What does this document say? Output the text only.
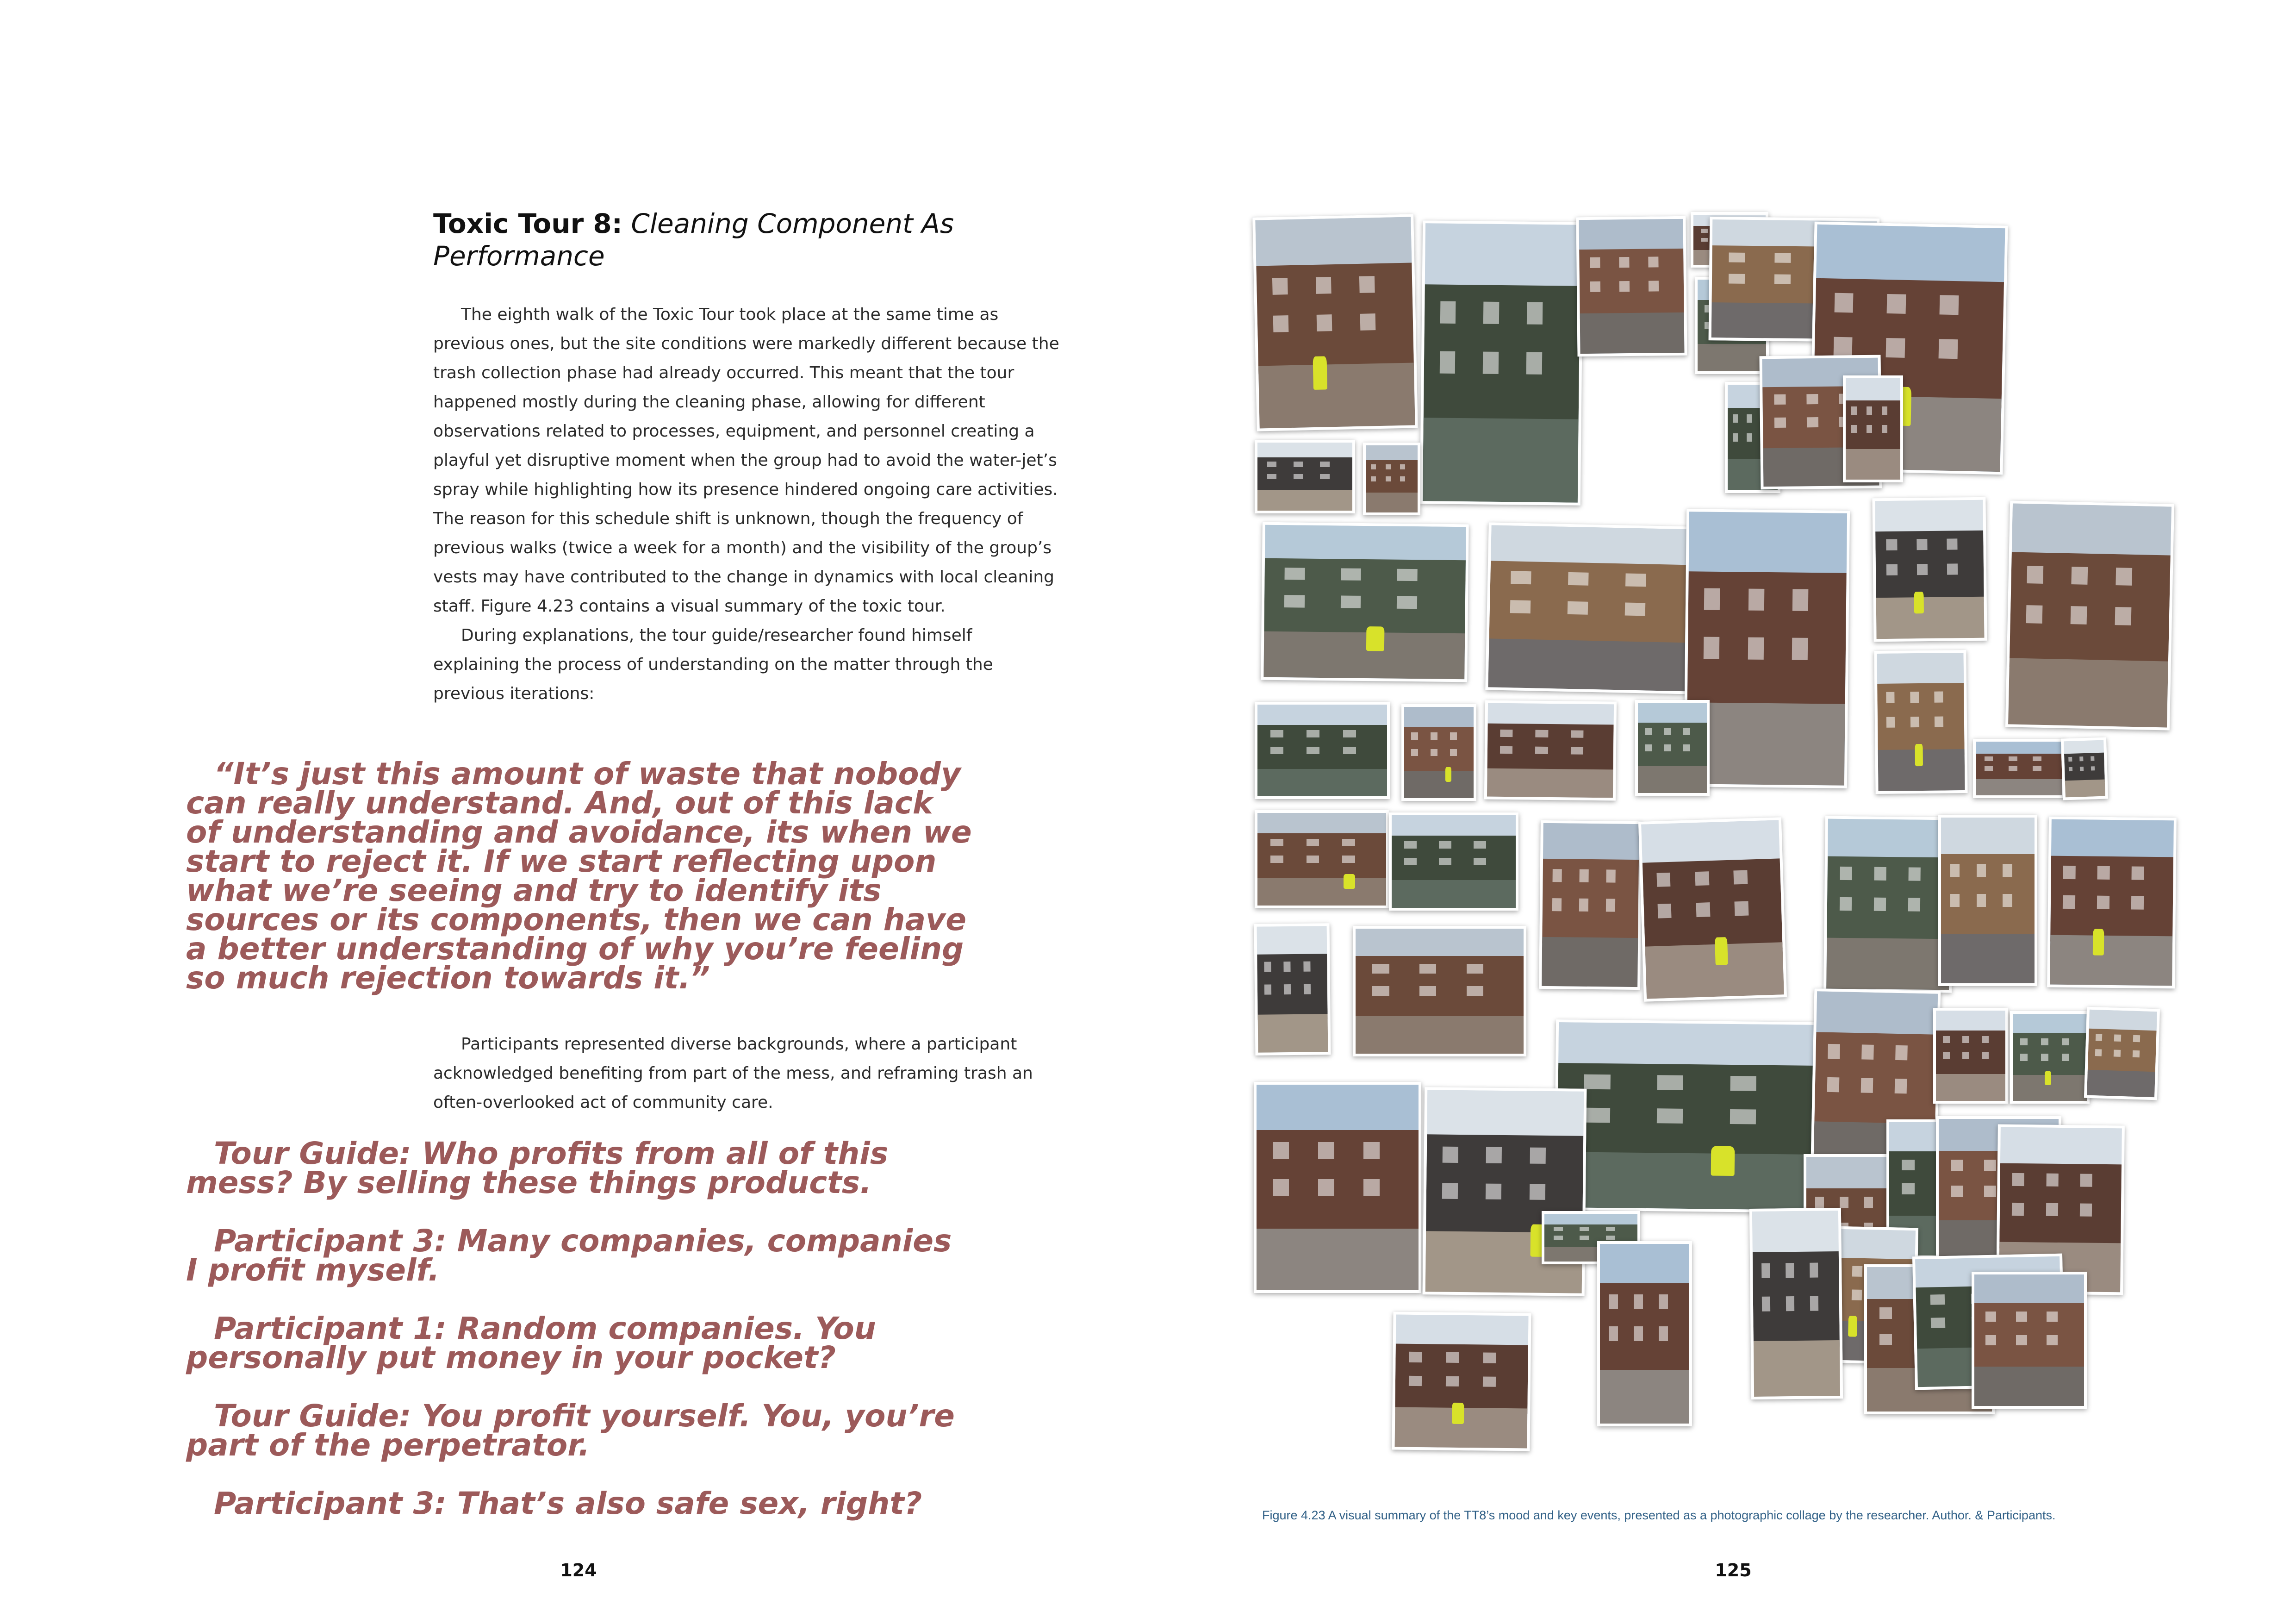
Toxic Tour 8: Cleaning Component As
Performance

The eighth walk of the Toxic Tour took place at the same time as previous ones, but the site conditions were markedly different because the trash collection phase had already occurred. This meant that the tour happened mostly during the cleaning phase, allowing for different observations related to processes, equipment, and personnel creating a playful yet disruptive moment when the group had to avoid the water-jet’s spray while highlighting how its presence hindered ongoing care activities. The reason for this schedule shift is unknown, though the frequency of previous walks (twice a week for a month) and the visibility of the group’s vests may have contributed to the change in dynamics with local cleaning staff. Figure 4.23 contains a visual summary of the toxic tour.

During explanations, the tour guide/researcher found himself explaining the process of understanding on the matter through the previous iterations:

“It’s just this amount of waste that nobody can really understand. And, out of this lack of understanding and avoidance, its when we start to reject it. If we start reflecting upon what we’re seeing and try to identify its sources or its components, then we can have a better understanding of why you’re feeling so much rejection towards it.”

Participants represented diverse backgrounds, where a participant acknowledged benefiting from part of the mess, and reframing trash an often-overlooked act of community care.

Tour Guide: Who profits from all of this mess? By selling these things products.

Participant 3: Many companies, companies I profit myself.

Participant 1: Random companies. You personally put money in your pocket?

Tour Guide: You profit yourself. You, you’re part of the perpetrator.

Participant 3: That’s also safe sex, right?

124
Figure 4.23 A visual summary of the TT8’s mood and key events, presented as a photographic collage by the researcher. Author. & Participants.
125
